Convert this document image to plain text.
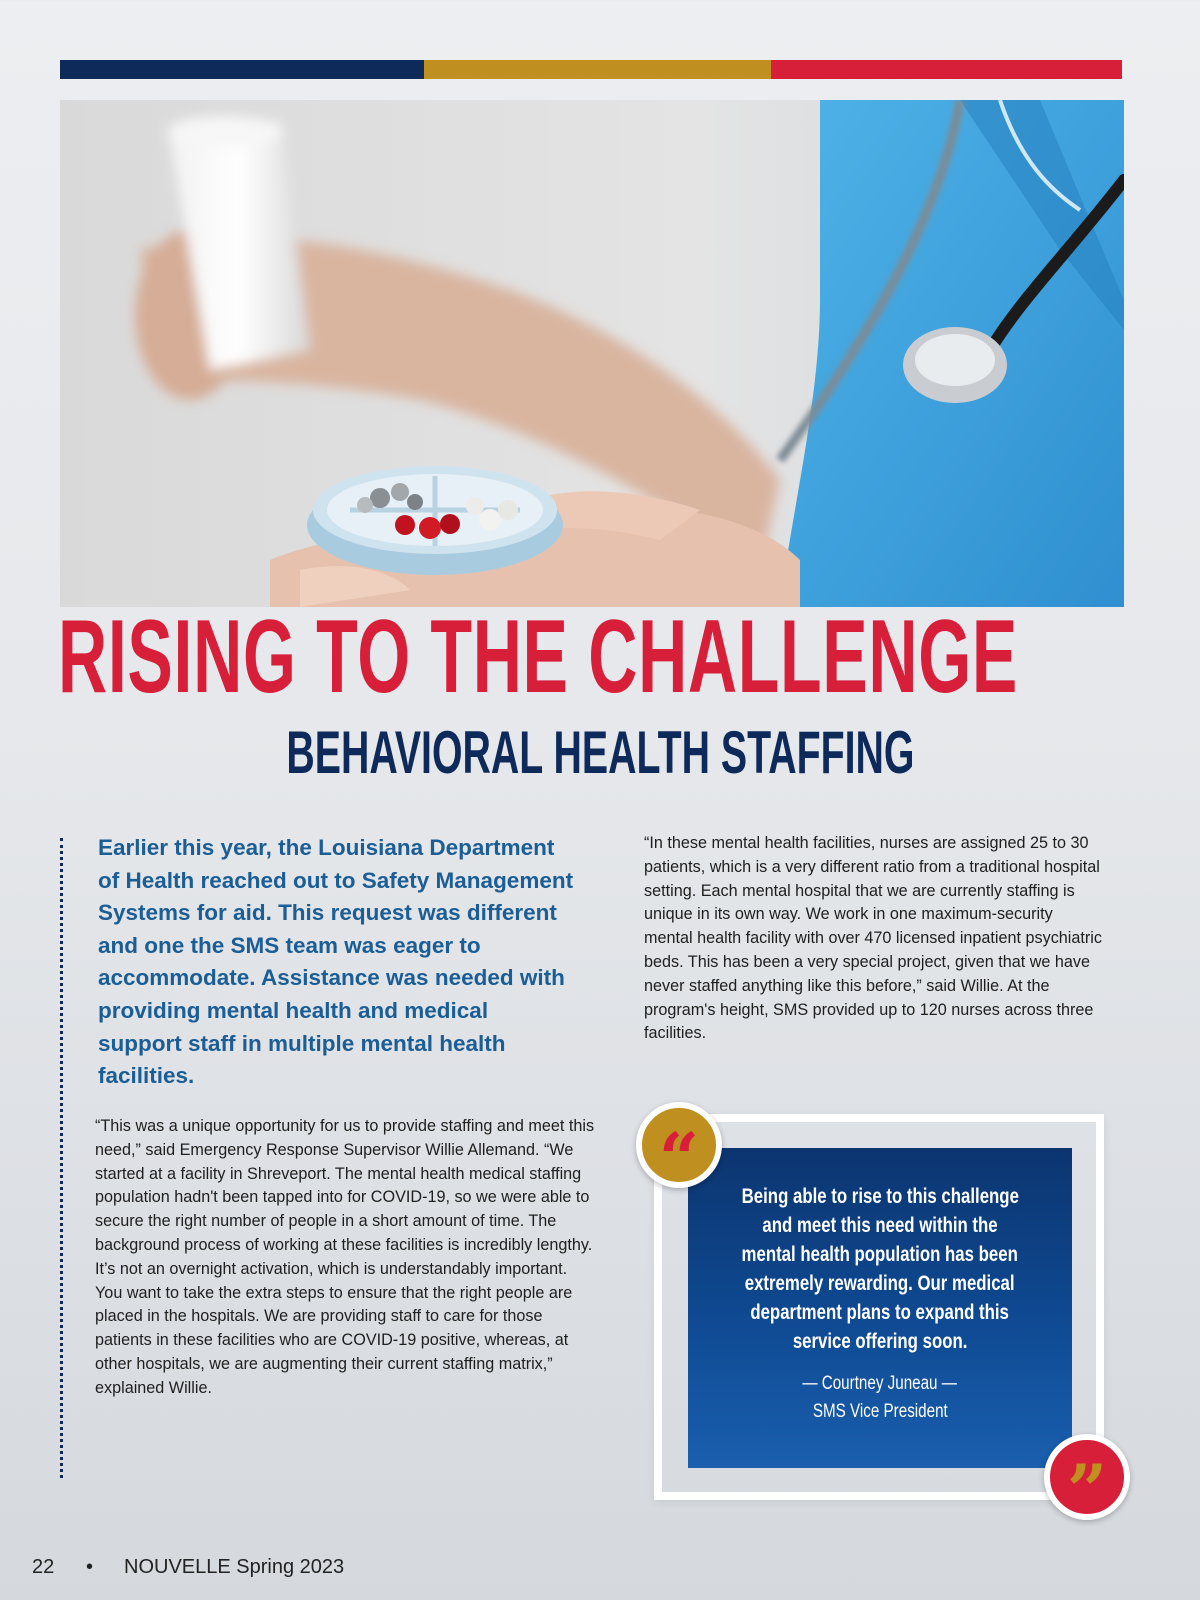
RISING TO THE CHALLENGE
BEHAVIORAL HEALTH STAFFING

Earlier this year, the Louisiana Department of Health reached out to Safety Management Systems for aid. This request was different and one the SMS team was eager to accommodate. Assistance was needed with providing mental health and medical support staff in multiple mental health facilities.

“This was a unique opportunity for us to provide staffing and meet this need,” said Emergency Response Supervisor Willie Allemand. “We started at a facility in Shreveport. The mental health medical staffing population hadn't been tapped into for COVID-19, so we were able to secure the right number of people in a short amount of time. The background process of working at these facilities is incredibly lengthy. It’s not an overnight activation, which is understandably important. You want to take the extra steps to ensure that the right people are placed in the hospitals. We are providing staff to care for those patients in these facilities who are COVID-19 positive, whereas, at other hospitals, we are augmenting their current staffing matrix,” explained Willie.

“In these mental health facilities, nurses are assigned 25 to 30 patients, which is a very different ratio from a traditional hospital setting. Each mental hospital that we are currently staffing is unique in its own way. We work in one maximum-security mental health facility with over 470 licensed inpatient psychiatric beds. This has been a very special project, given that we have never staffed anything like this before,” said Willie. At the program's height, SMS provided up to 120 nurses across three facilities.

Being able to rise to this challenge
and meet this need within the
mental health population has been
extremely rewarding. Our medical
department plans to expand this
service offering soon.

— Courtney Juneau —

SMS Vice President

“
”
22 • NOUVELLE Spring 2023
